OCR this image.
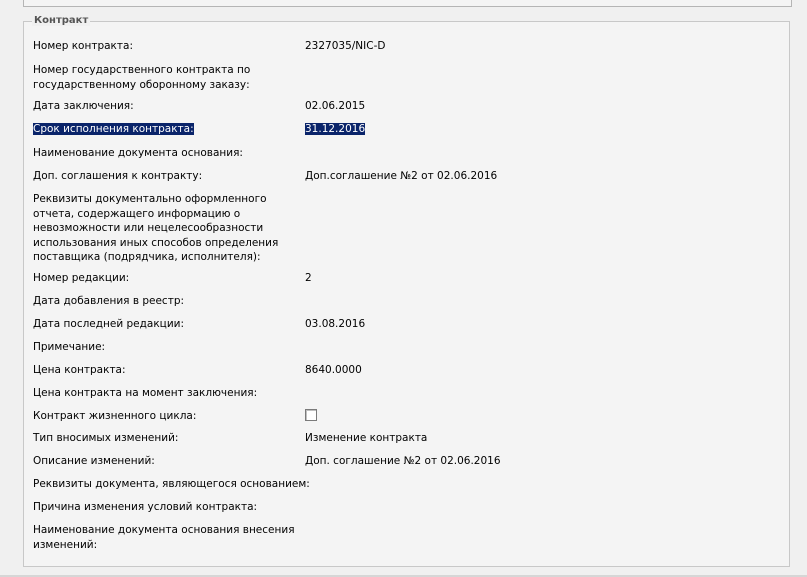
Контракт
Номер контракта:	2327035/NIC-D
Номер государственного контракта по государственному оборонному заказу:
Дата заключения:	02.06.2015
Срок исполнения контракта:	31.12.2016
Наименование документа основания:
Доп. соглашения к контракту:	Доп.соглашение №2 от 02.06.2016
Реквизиты документально оформленного отчета, содержащего информацию о невозможности или нецелесообразности использования иных способов определения поставщика (подрядчика, исполнителя):
Номер редакции:	2
Дата добавления в реестр:
Дата последней редакции:	03.08.2016
Примечание:
Цена контракта:	8640.0000
Цена контракта на момент заключения:
Контракт жизненного цикла:
Тип вносимых изменений:	Изменение контракта
Описание изменений:	Доп. соглашение №2 от 02.06.2016
Реквизиты документа, являющегося основанием:
Причина изменения условий контракта:
Наименование документа основания внесения изменений:
